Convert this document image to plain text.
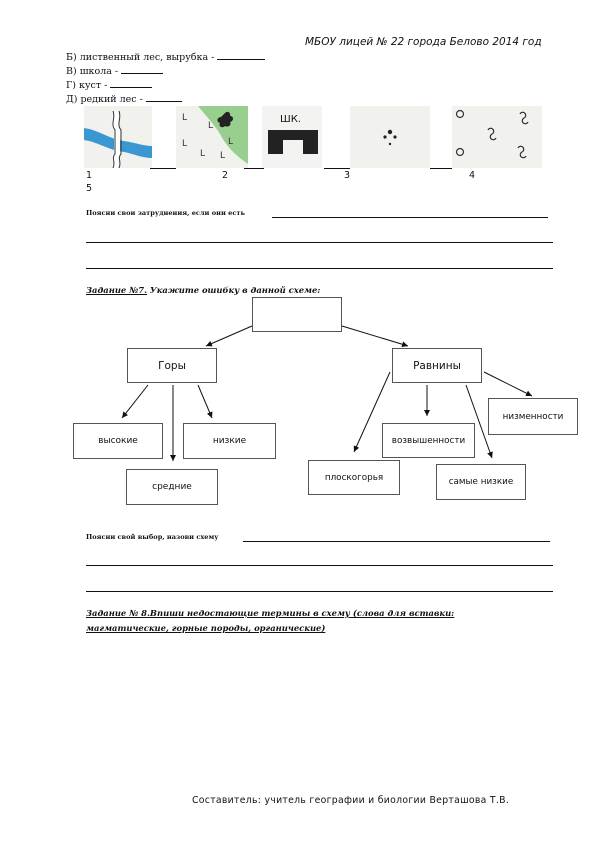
МБОУ лицей № 22 города Белово 2014 год
Б) лиственный лес, вырубка -
В) школа -
Г) куст -
Д) редкий лес -
L
L
L
L L
L
ШК.
1	2	3	4
5
Поясни свои затруднения, если они есть
Задание №7. Укажите ошибку в данной схеме:
Горы	Равнины
высокие	низкие
средние
низменности
возвышенности
плоскогорья	самые низкие
Поясни свой выбор, назови схему
Задание № 8.Впиши недостающие термины в схему (слова для вставки:
магматические, горные породы, органические)
Составитель: учитель географии и биологии Верташова Т.В.
